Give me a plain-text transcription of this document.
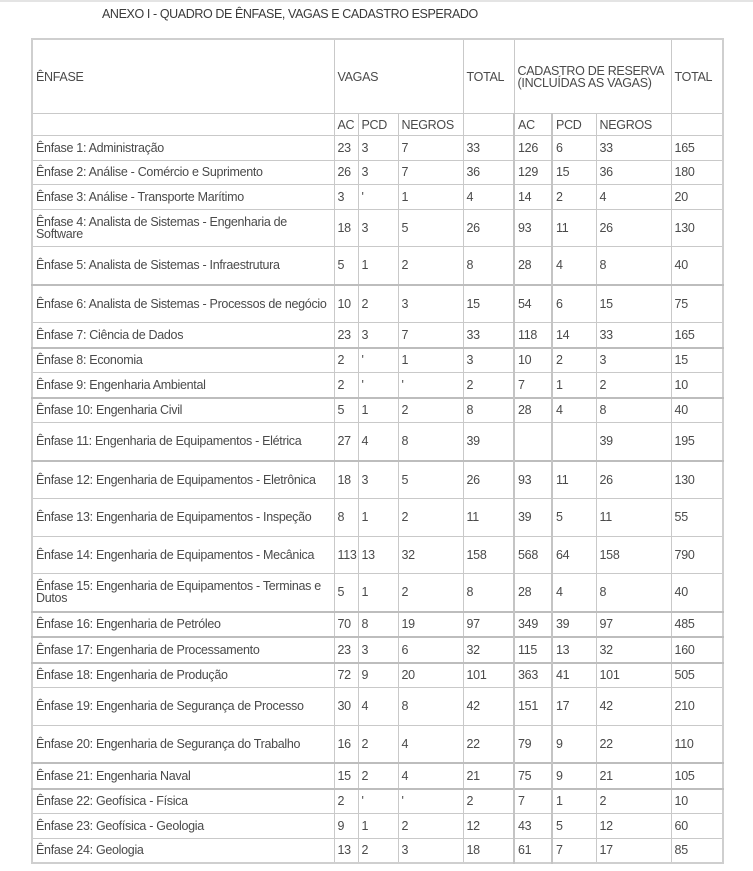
ANEXO I - QUADRO DE ÊNFASE, VAGAS E CADASTRO ESPERADO
ÊNFASE	VAGAS			TOTAL	CADASTRO DE RESERVA (INCLUÍDAS AS VAGAS)			TOTAL
	AC	PCD	NEGROS		AC	PCD	NEGROS	
Ênfase 1: Administração	23	3	7	33	126	6	33	165
Ênfase 2: Análise - Comércio e Suprimento	26	3	7	36	129	15	36	180
Ênfase 3: Análise - Transporte Marítimo	3	'	1	4	14	2	4	20
Ênfase 4: Analista de Sistemas - Engenharia de Software	18	3	5	26	93	11	26	130
Ênfase 5: Analista de Sistemas - Infraestrutura	5	1	2	8	28	4	8	40
Ênfase 6: Analista de Sistemas - Processos de negócio	10	2	3	15	54	6	15	75
Ênfase 7: Ciência de Dados	23	3	7	33	118	14	33	165
Ênfase 8: Economia	2	'	1	3	10	2	3	15
Ênfase 9: Engenharia Ambiental	2	'	'	2	7	1	2	10
Ênfase 10: Engenharia Civil	5	1	2	8	28	4	8	40
Ênfase 11: Engenharia de Equipamentos - Elétrica	27	4	8	39			39	195
Ênfase 12: Engenharia de Equipamentos - Eletrônica	18	3	5	26	93	11	26	130
Ênfase 13: Engenharia de Equipamentos - Inspeção	8	1	2	11	39	5	11	55
Ênfase 14: Engenharia de Equipamentos - Mecânica	113	13	32	158	568	64	158	790
Ênfase 15: Engenharia de Equipamentos - Terminas e Dutos	5	1	2	8	28	4	8	40
Ênfase 16: Engenharia de Petróleo	70	8	19	97	349	39	97	485
Ênfase 17: Engenharia de Processamento	23	3	6	32	115	13	32	160
Ênfase 18: Engenharia de Produção	72	9	20	101	363	41	101	505
Ênfase 19: Engenharia de Segurança de Processo	30	4	8	42	151	17	42	210
Ênfase 20: Engenharia de Segurança do Trabalho	16	2	4	22	79	9	22	110
Ênfase 21: Engenharia Naval	15	2	4	21	75	9	21	105
Ênfase 22: Geofísica - Física	2	'	'	2	7	1	2	10
Ênfase 23: Geofísica - Geologia	9	1	2	12	43	5	12	60
Ênfase 24: Geologia	13	2	3	18	61	7	17	85
